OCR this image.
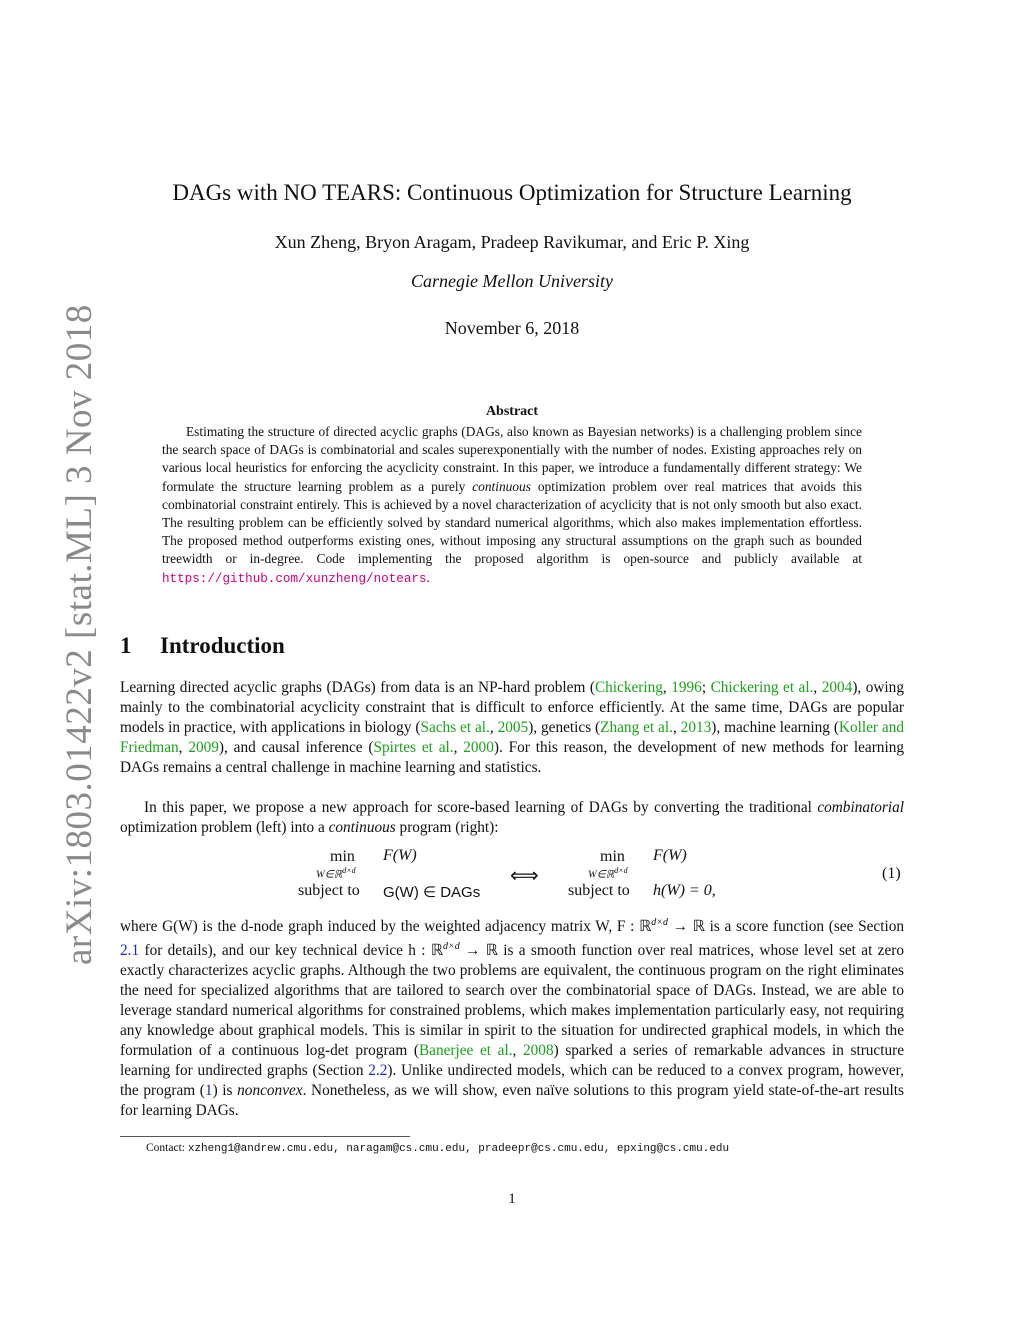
arXiv:1803.01422v2 [stat.ML] 3 Nov 2018
DAGs with NO TEARS: Continuous Optimization for Structure Learning
Xun Zheng, Bryon Aragam, Pradeep Ravikumar, and Eric P. Xing
Carnegie Mellon University
November 6, 2018
Abstract

Estimating the structure of directed acyclic graphs (DAGs, also known as Bayesian networks) is a challenging problem since the search space of DAGs is combinatorial and scales superexponentially with the number of nodes. Existing approaches rely on various local heuristics for enforcing the acyclicity constraint. In this paper, we introduce a fundamentally different strategy: We formulate the structure learning problem as a purely continuous optimization problem over real matrices that avoids this combinatorial constraint entirely. This is achieved by a novel characterization of acyclicity that is not only smooth but also exact. The resulting problem can be efficiently solved by standard numerical algorithms, which also makes implementation effortless. The proposed method outperforms existing ones, without imposing any structural assumptions on the graph such as bounded treewidth or in-degree. Code implementing the proposed algorithm is open-source and publicly available at https://github.com/xunzheng/notears.

1 Introduction

Learning directed acyclic graphs (DAGs) from data is an NP-hard problem (Chickering, 1996; Chickering et al., 2004), owing mainly to the combinatorial acyclicity constraint that is difficult to enforce efficiently. At the same time, DAGs are popular models in practice, with applications in biology (Sachs et al., 2005), genetics (Zhang et al., 2013), machine learning (Koller and Friedman, 2009), and causal inference (Spirtes et al., 2000). For this reason, the development of new methods for learning DAGs remains a central challenge in machine learning and statistics.

In this paper, we propose a new approach for score-based learning of DAGs by converting the traditional combinatorial optimization problem (left) into a continuous program (right):

min
W∈ℝ$^{d\times d}$
F(W)
subject to G(W) ∈ DAGs
⟺
min
W∈ℝ$^{d\times d}$
F(W)
subject to h(W) = 0,
(1)

where G(W) is the d-node graph induced by the weighted adjacency matrix W, F : ℝ$^{d\times d}$ → ℝ is a score function (see Section 2.1 for details), and our key technical device h : ℝ$^{d\times d}$ → ℝ is a smooth function over real matrices, whose level set at zero exactly characterizes acyclic graphs. Although the two problems are equivalent, the continuous program on the right eliminates the need for specialized algorithms that are tailored to search over the combinatorial space of DAGs. Instead, we are able to leverage standard numerical algorithms for constrained problems, which makes implementation particularly easy, not requiring any knowledge about graphical models. This is similar in spirit to the situation for undirected graphical models, in which the formulation of a continuous log-det program (Banerjee et al., 2008) sparked a series of remarkable advances in structure learning for undirected graphs (Section 2.2). Unlike undirected models, which can be reduced to a convex program, however, the program (1) is nonconvex. Nonetheless, as we will show, even naïve solutions to this program yield state-of-the-art results for learning DAGs.

Contact: xzheng1@andrew.cmu.edu, naragam@cs.cmu.edu, pradeepr@cs.cmu.edu, epxing@cs.cmu.edu
1
